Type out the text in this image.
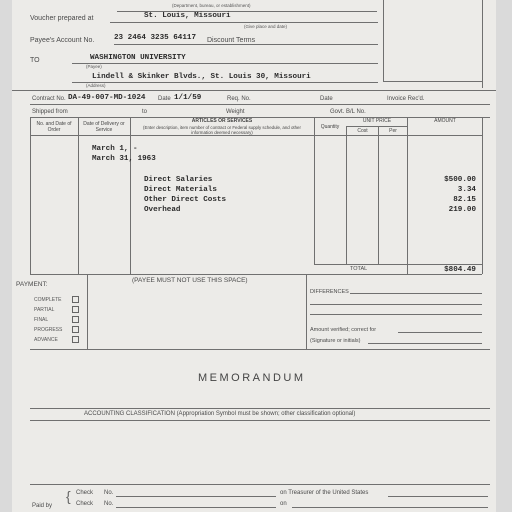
(Department, bureau, or establishment)
Voucher prepared at	St. Louis, Missouri
(Give place and date)
Payee's Account No.	23 2464 3235 64117 Discount Terms
TO	WASHINGTON UNIVERSITY
(Payee)
Lindell & Skinker Blvds., St. Louis 30, Missouri
(Address)
Contract No. DA-49-007-MD-1024 Date 1/1/59	Req. No.	Date	Invoice Rec'd.
Shipped from	to	Weight	Govt. B/L No.
No. and Date of Order
Date of Delivery or Service
ARTICLES OR SERVICES
(Enter description, item number of contract or Federal supply schedule, and other information deemed necessary)
Quantity
UNIT PRICE
Cost	Per
AMOUNT
March 1, -
March 31, 1963
Direct Salaries	$500.00
Direct Materials	3.34
Other Direct Costs	82.15
Overhead	219.00
TOTAL	$804.49
(PAYEE MUST NOT USE THIS SPACE)
PAYMENT:
COMPLETE
PARTIAL
FINAL
PROGRESS
ADVANCE
DIFFERENCES
Amount verified; correct for
(Signature or initials)
MEMORANDUM
ACCOUNTING CLASSIFICATION (Appropriation Symbol must be shown; other classification optional)
{ Check No.	on Treasurer of the United States
Check No.	on
Paid by
